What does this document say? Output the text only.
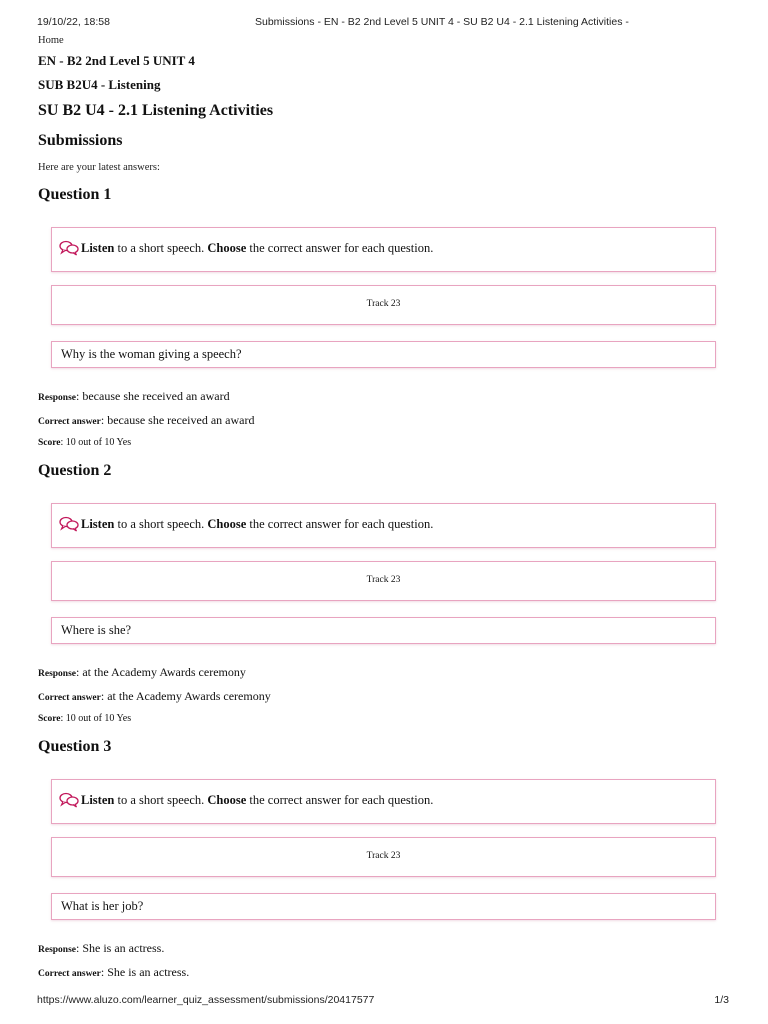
19/10/22, 18:58	Submissions - EN - B2 2nd Level 5 UNIT 4 - SU B2 U4 - 2.1 Listening Activities -
Home
EN - B2 2nd Level 5 UNIT 4
SUB B2U4 - Listening
SU B2 U4 - 2.1 Listening Activities
Submissions
Here are your latest answers:
Question 1
Listen to a short speech. Choose the correct answer for each question.
Track 23
Why is the woman giving a speech?
Response: because she received an award
Correct answer: because she received an award
Score: 10 out of 10 Yes
Question 2
Listen to a short speech. Choose the correct answer for each question.
Track 23
Where is she?
Response: at the Academy Awards ceremony
Correct answer: at the Academy Awards ceremony
Score: 10 out of 10 Yes
Question 3
Listen to a short speech. Choose the correct answer for each question.
Track 23
What is her job?
Response: She is an actress.
Correct answer: She is an actress.
https://www.aluzo.com/learner_quiz_assessment/submissions/20417577	1/3
